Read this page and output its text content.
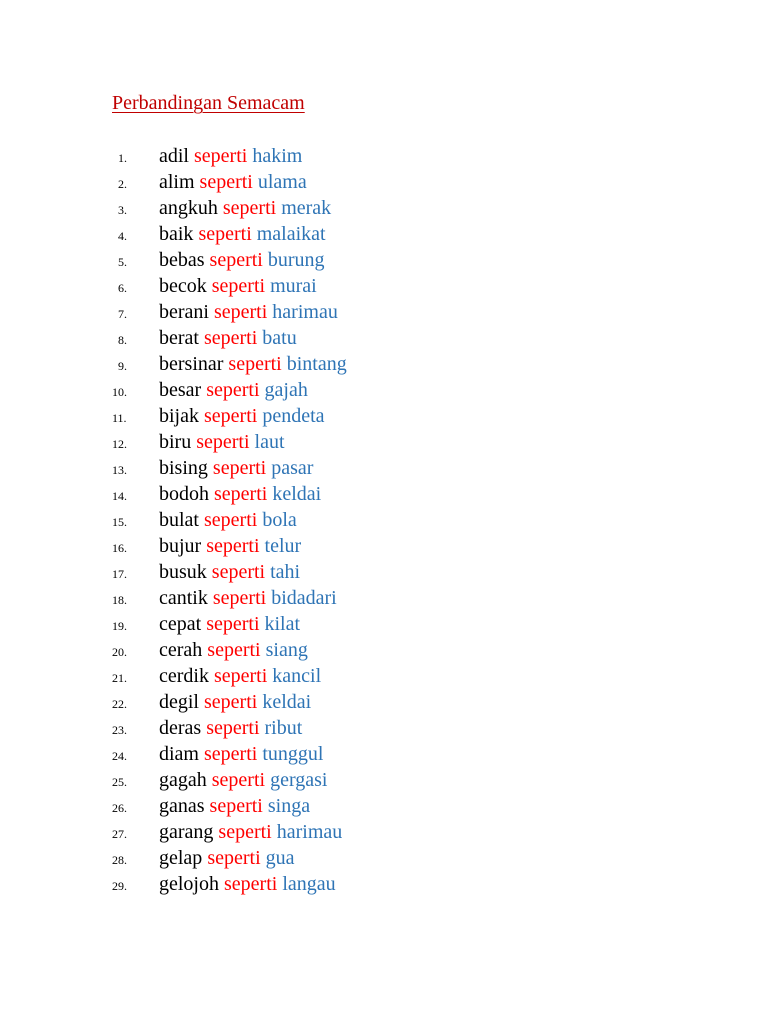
Perbandingan Semacam
1.	adil seperti hakim
2.	alim seperti ulama
3.	angkuh seperti merak
4.	baik seperti malaikat
5.	bebas seperti burung
6.	becok seperti murai
7.	berani seperti harimau
8.	berat seperti batu
9.	bersinar seperti bintang
10.	besar seperti gajah
11.	bijak seperti pendeta
12.	biru seperti laut
13.	bising seperti pasar
14.	bodoh seperti keldai
15.	bulat seperti bola
16.	bujur seperti telur
17.	busuk seperti tahi
18.	cantik seperti bidadari
19.	cepat seperti kilat
20.	cerah seperti siang
21.	cerdik seperti kancil
22.	degil seperti keldai
23.	deras seperti ribut
24.	diam seperti tunggul
25.	gagah seperti gergasi
26.	ganas seperti singa
27.	garang seperti harimau
28.	gelap seperti gua
29.	gelojoh seperti langau
